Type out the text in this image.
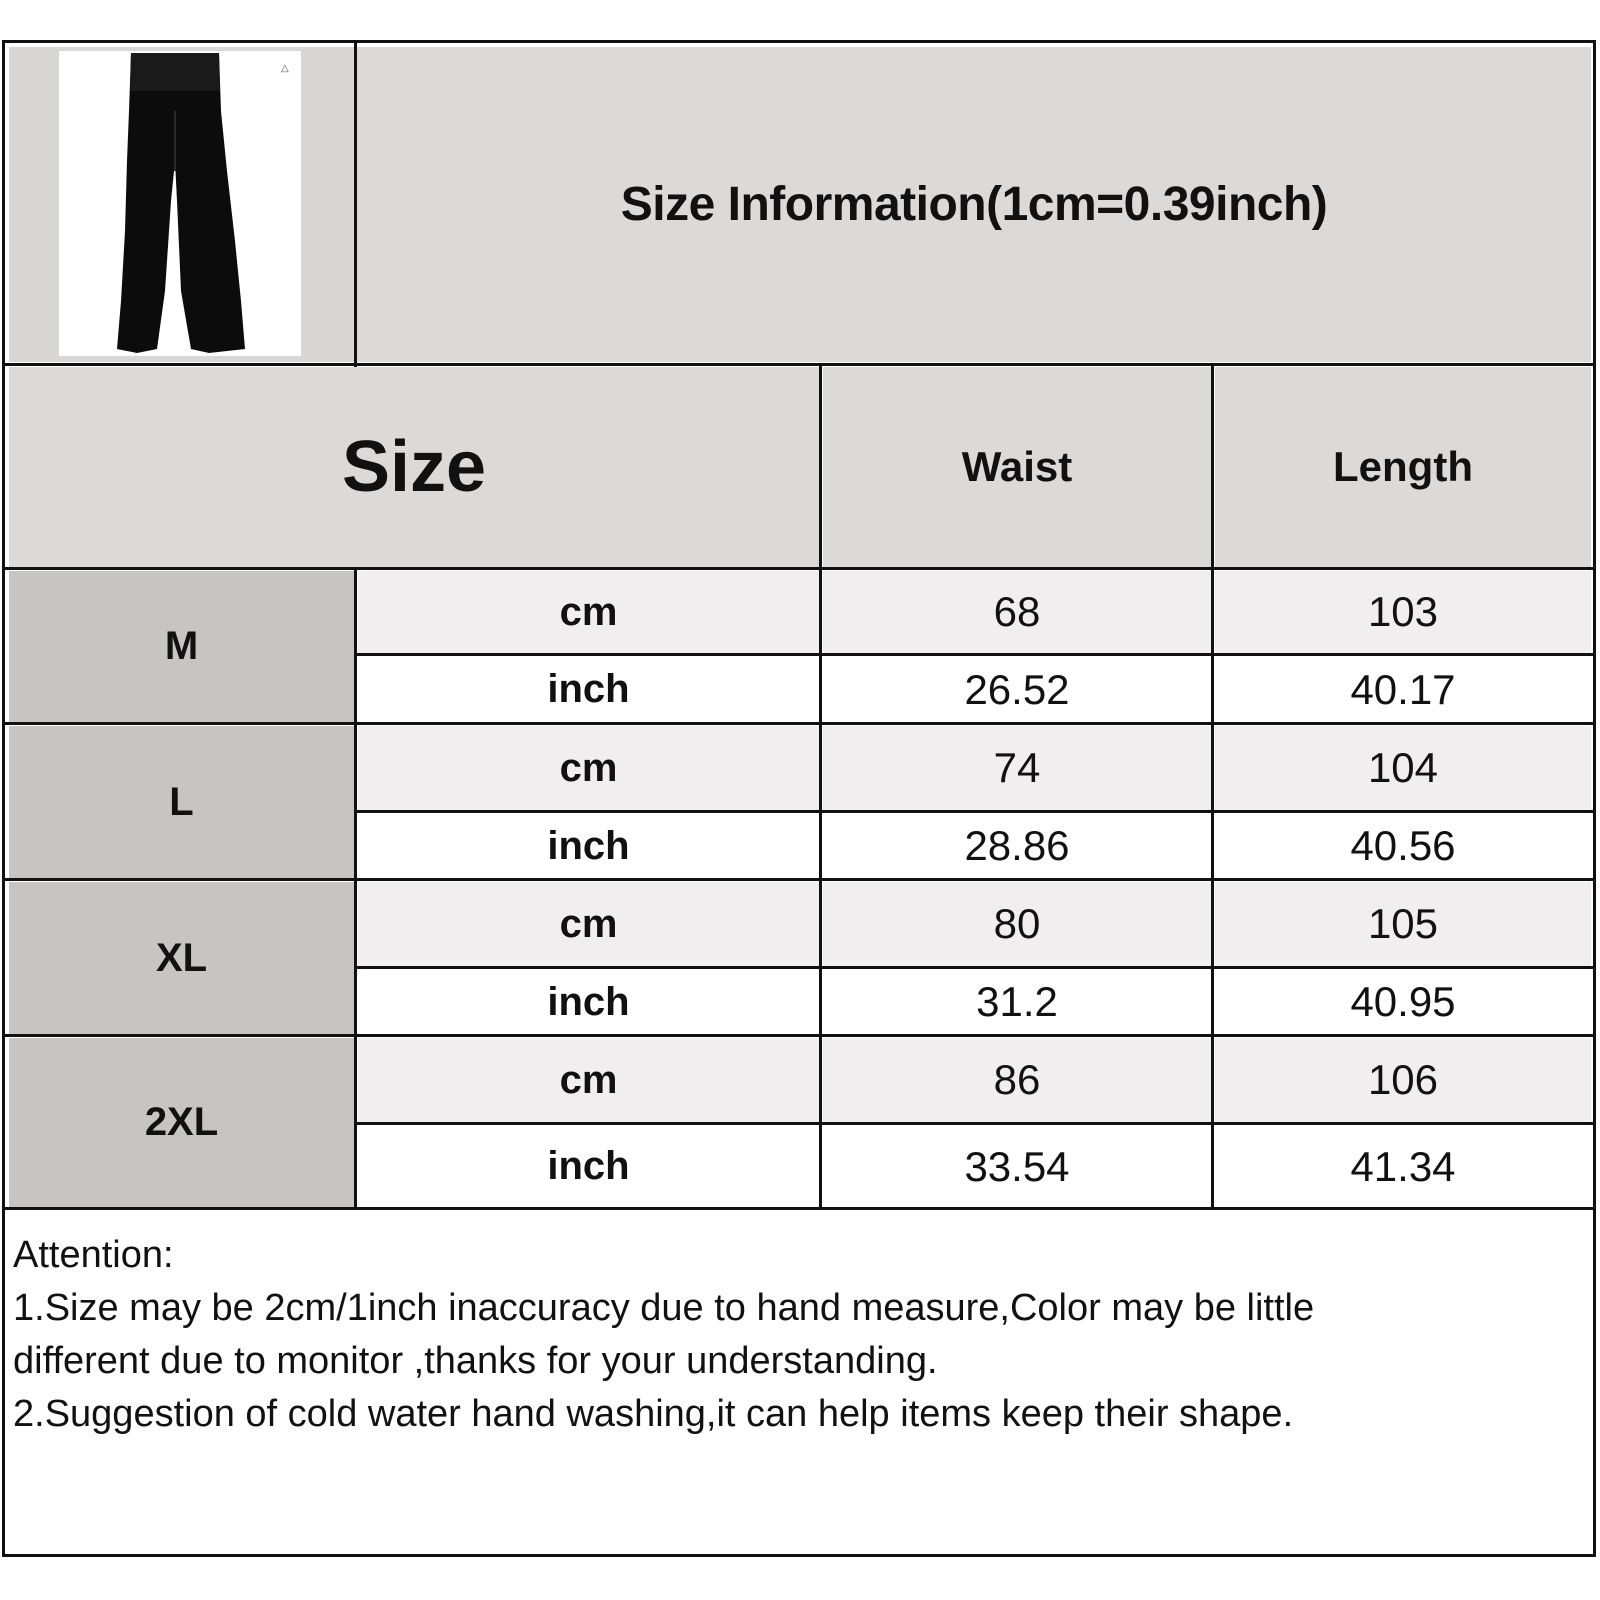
△
Size Information(1cm=0.39inch)
Size	Waist	Length
M
cm	68	103
inch	26.52	40.17
L
cm	74	104
inch	28.86	40.56
XL
cm	80	105
inch	31.2	40.95
2XL
cm	86	106
inch	33.54	41.34
Attention:
1.Size may be 2cm/1inch inaccuracy due to hand measure,Color may be little
different due to monitor ,thanks for your understanding.
2.Suggestion of cold water hand washing,it can help items keep their shape.
